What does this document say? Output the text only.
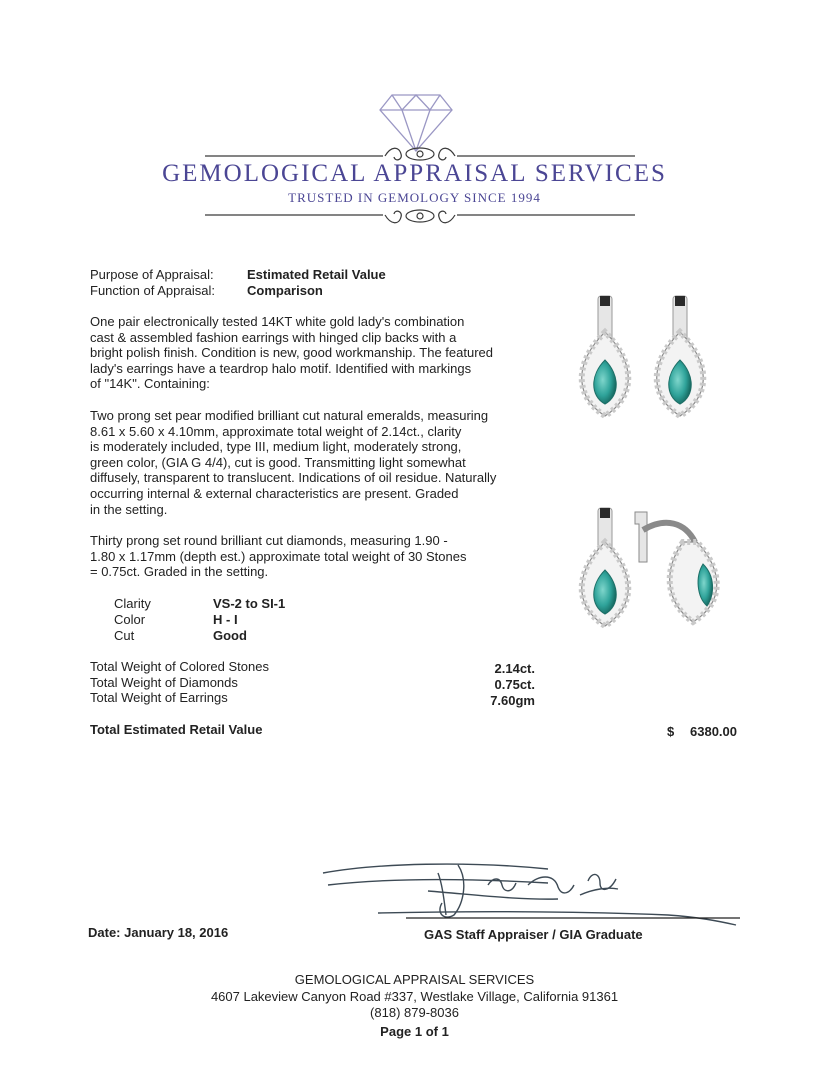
GEMOLOGICAL APPRAISAL SERVICES
TRUSTED IN GEMOLOGY SINCE 1994
Purpose of Appraisal:	Estimated Retail Value
Function of Appraisal: Comparison
One pair electronically tested 14KT white gold lady's combination
cast & assembled fashion earrings with hinged clip backs with a
bright polish finish. Condition is new, good workmanship. The featured
lady's earrings have a teardrop halo motif. Identified with markings
of "14K". Containing:
Two prong set pear modified brilliant cut natural emeralds, measuring
8.61 x 5.60 x 4.10mm, approximate total weight of 2.14ct., clarity
is moderately included, type III, medium light, moderately strong,
green color, (GIA G 4/4), cut is good. Transmitting light somewhat
diffusely, transparent to translucent. Indications of oil residue. Naturally
occurring internal & external characteristics are present. Graded
in the setting.
Thirty prong set round brilliant cut diamonds, measuring 1.90 -
1.80 x 1.17mm (depth est.) approximate total weight of 30 Stones
= 0.75ct. Graded in the setting.
Clarity	VS-2 to SI-1
Color	H - I
Cut	Good
Total Weight of Colored Stones	2.14ct.
Total Weight of Diamonds	0.75ct.
Total Weight of Earrings	7.60gm
Total Estimated Retail Value	$ 6380.00
Date: January 18, 2016	GAS Staff Appraiser / GIA Graduate
GEMOLOGICAL APPRAISAL SERVICES
4607 Lakeview Canyon Road #337, Westlake Village, California 91361
(818) 879-8036
Page 1 of 1
